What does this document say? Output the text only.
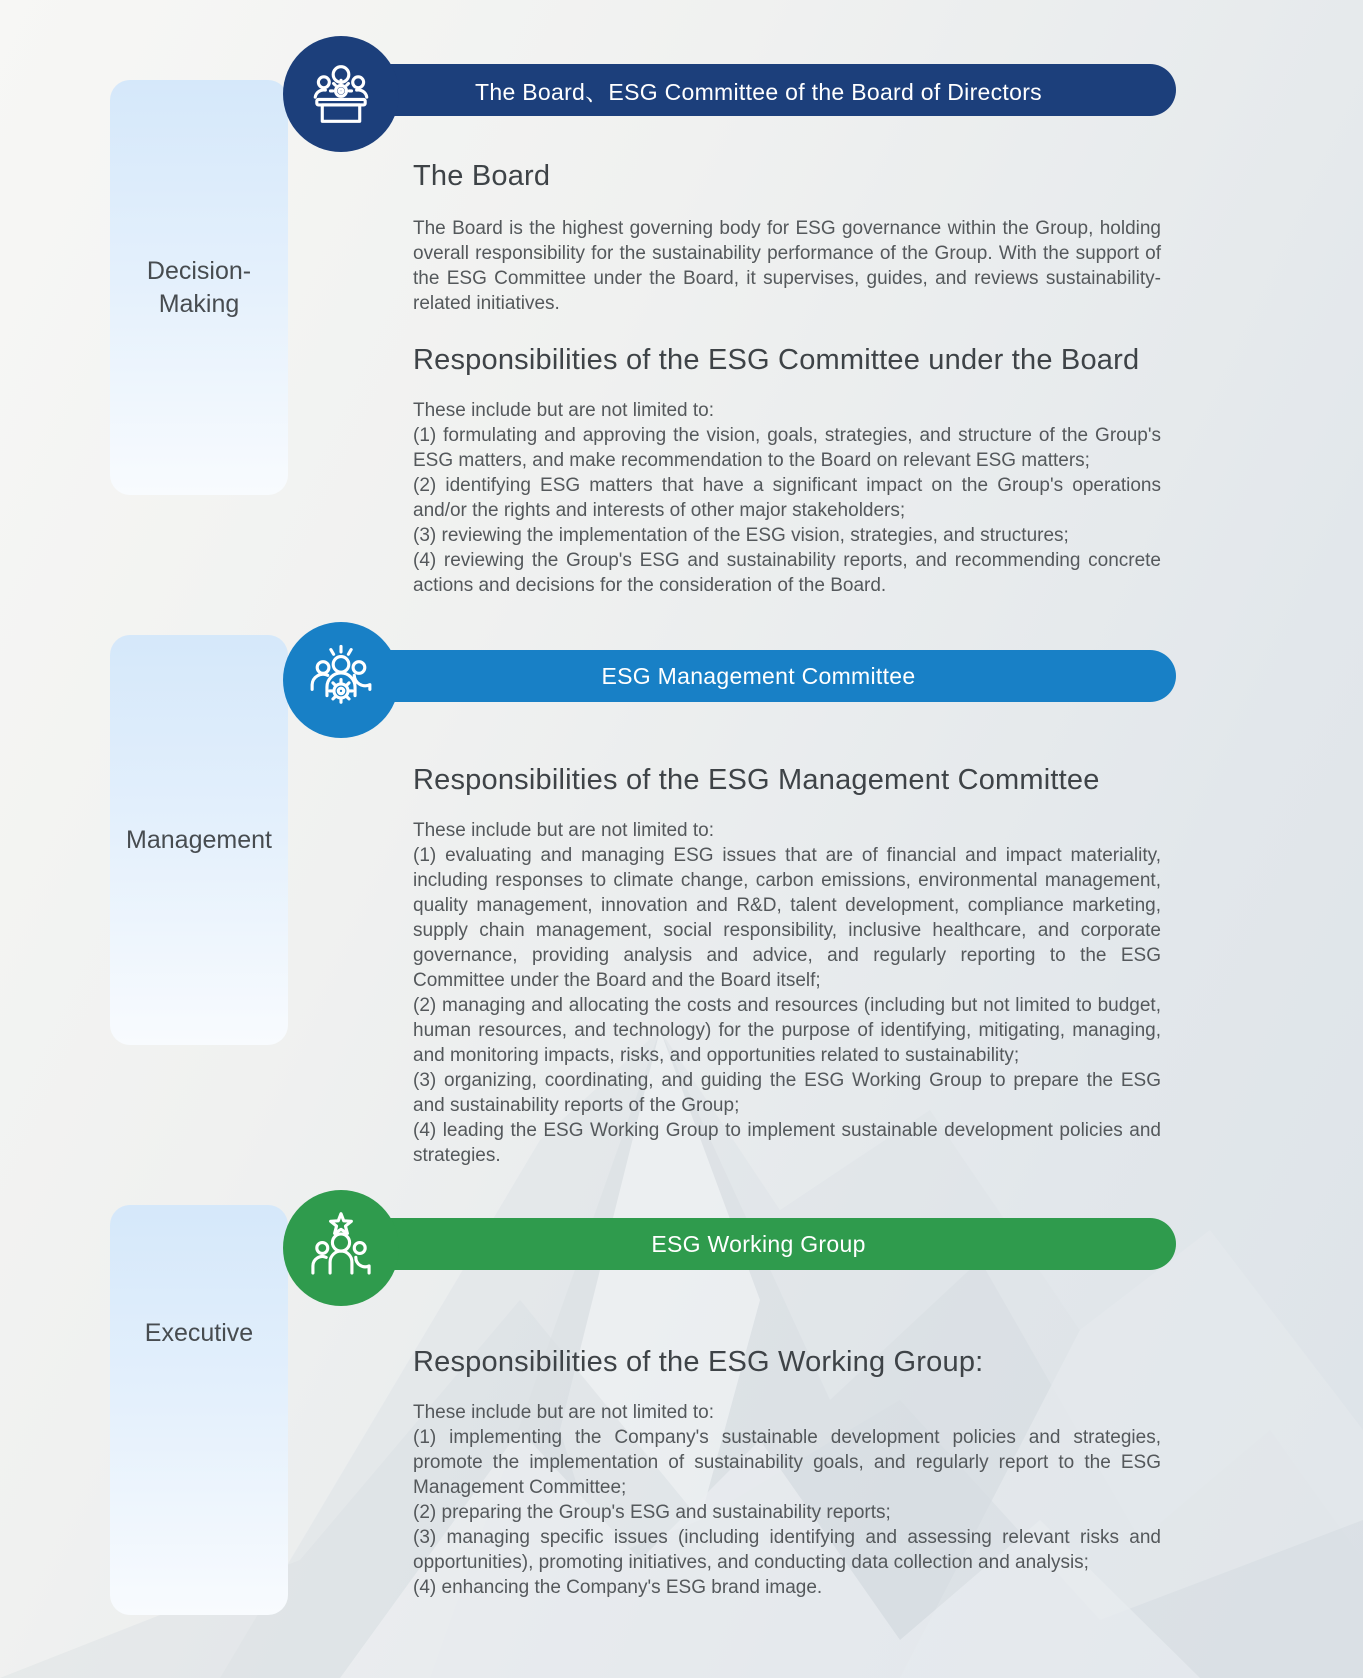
Decision-Making
Management
Executive
The Board、ESG Committee of the Board of Directors
The Board

The Board is the highest governing body for ESG governance within the Group, holding overall responsibility for the sustainability performance of the Group. With the support of the ESG Committee under the Board, it supervises, guides, and reviews sustainability-related initiatives.

Responsibilities of the ESG Committee under the Board

These include but are not limited to:

(1) formulating and approving the vision, goals, strategies, and structure of the Group's ESG matters, and make recommendation to the Board on relevant ESG matters;

(2) identifying ESG matters that have a significant impact on the Group's operations and/or the rights and interests of other major stakeholders;

(3) reviewing the implementation of the ESG vision, strategies, and structures;

(4) reviewing the Group's ESG and sustainability reports, and recommending concrete actions and decisions for the consideration of the Board.

ESG Management Committee
Responsibilities of the ESG Management Committee

These include but are not limited to:

(1) evaluating and managing ESG issues that are of financial and impact materiality, including responses to climate change, carbon emissions, environmental management, quality management, innovation and R&D, talent development, compliance marketing, supply chain management, social responsibility, inclusive healthcare, and corporate governance, providing analysis and advice, and regularly reporting to the ESG Committee under the Board and the Board itself;

(2) managing and allocating the costs and resources (including but not limited to budget, human resources, and technology) for the purpose of identifying, mitigating, managing, and monitoring impacts, risks, and opportunities related to sustainability;

(3) organizing, coordinating, and guiding the ESG Working Group to prepare the ESG and sustainability reports of the Group;

(4) leading the ESG Working Group to implement sustainable development policies and strategies.

ESG Working Group
Responsibilities of the ESG Working Group:

These include but are not limited to:

(1) implementing the Company's sustainable development policies and strategies, promote the implementation of sustainability goals, and regularly report to the ESG Management Committee;

(2) preparing the Group's ESG and sustainability reports;

(3) managing specific issues (including identifying and assessing relevant risks and opportunities), promoting initiatives, and conducting data collection and analysis;

(4) enhancing the Company's ESG brand image.
